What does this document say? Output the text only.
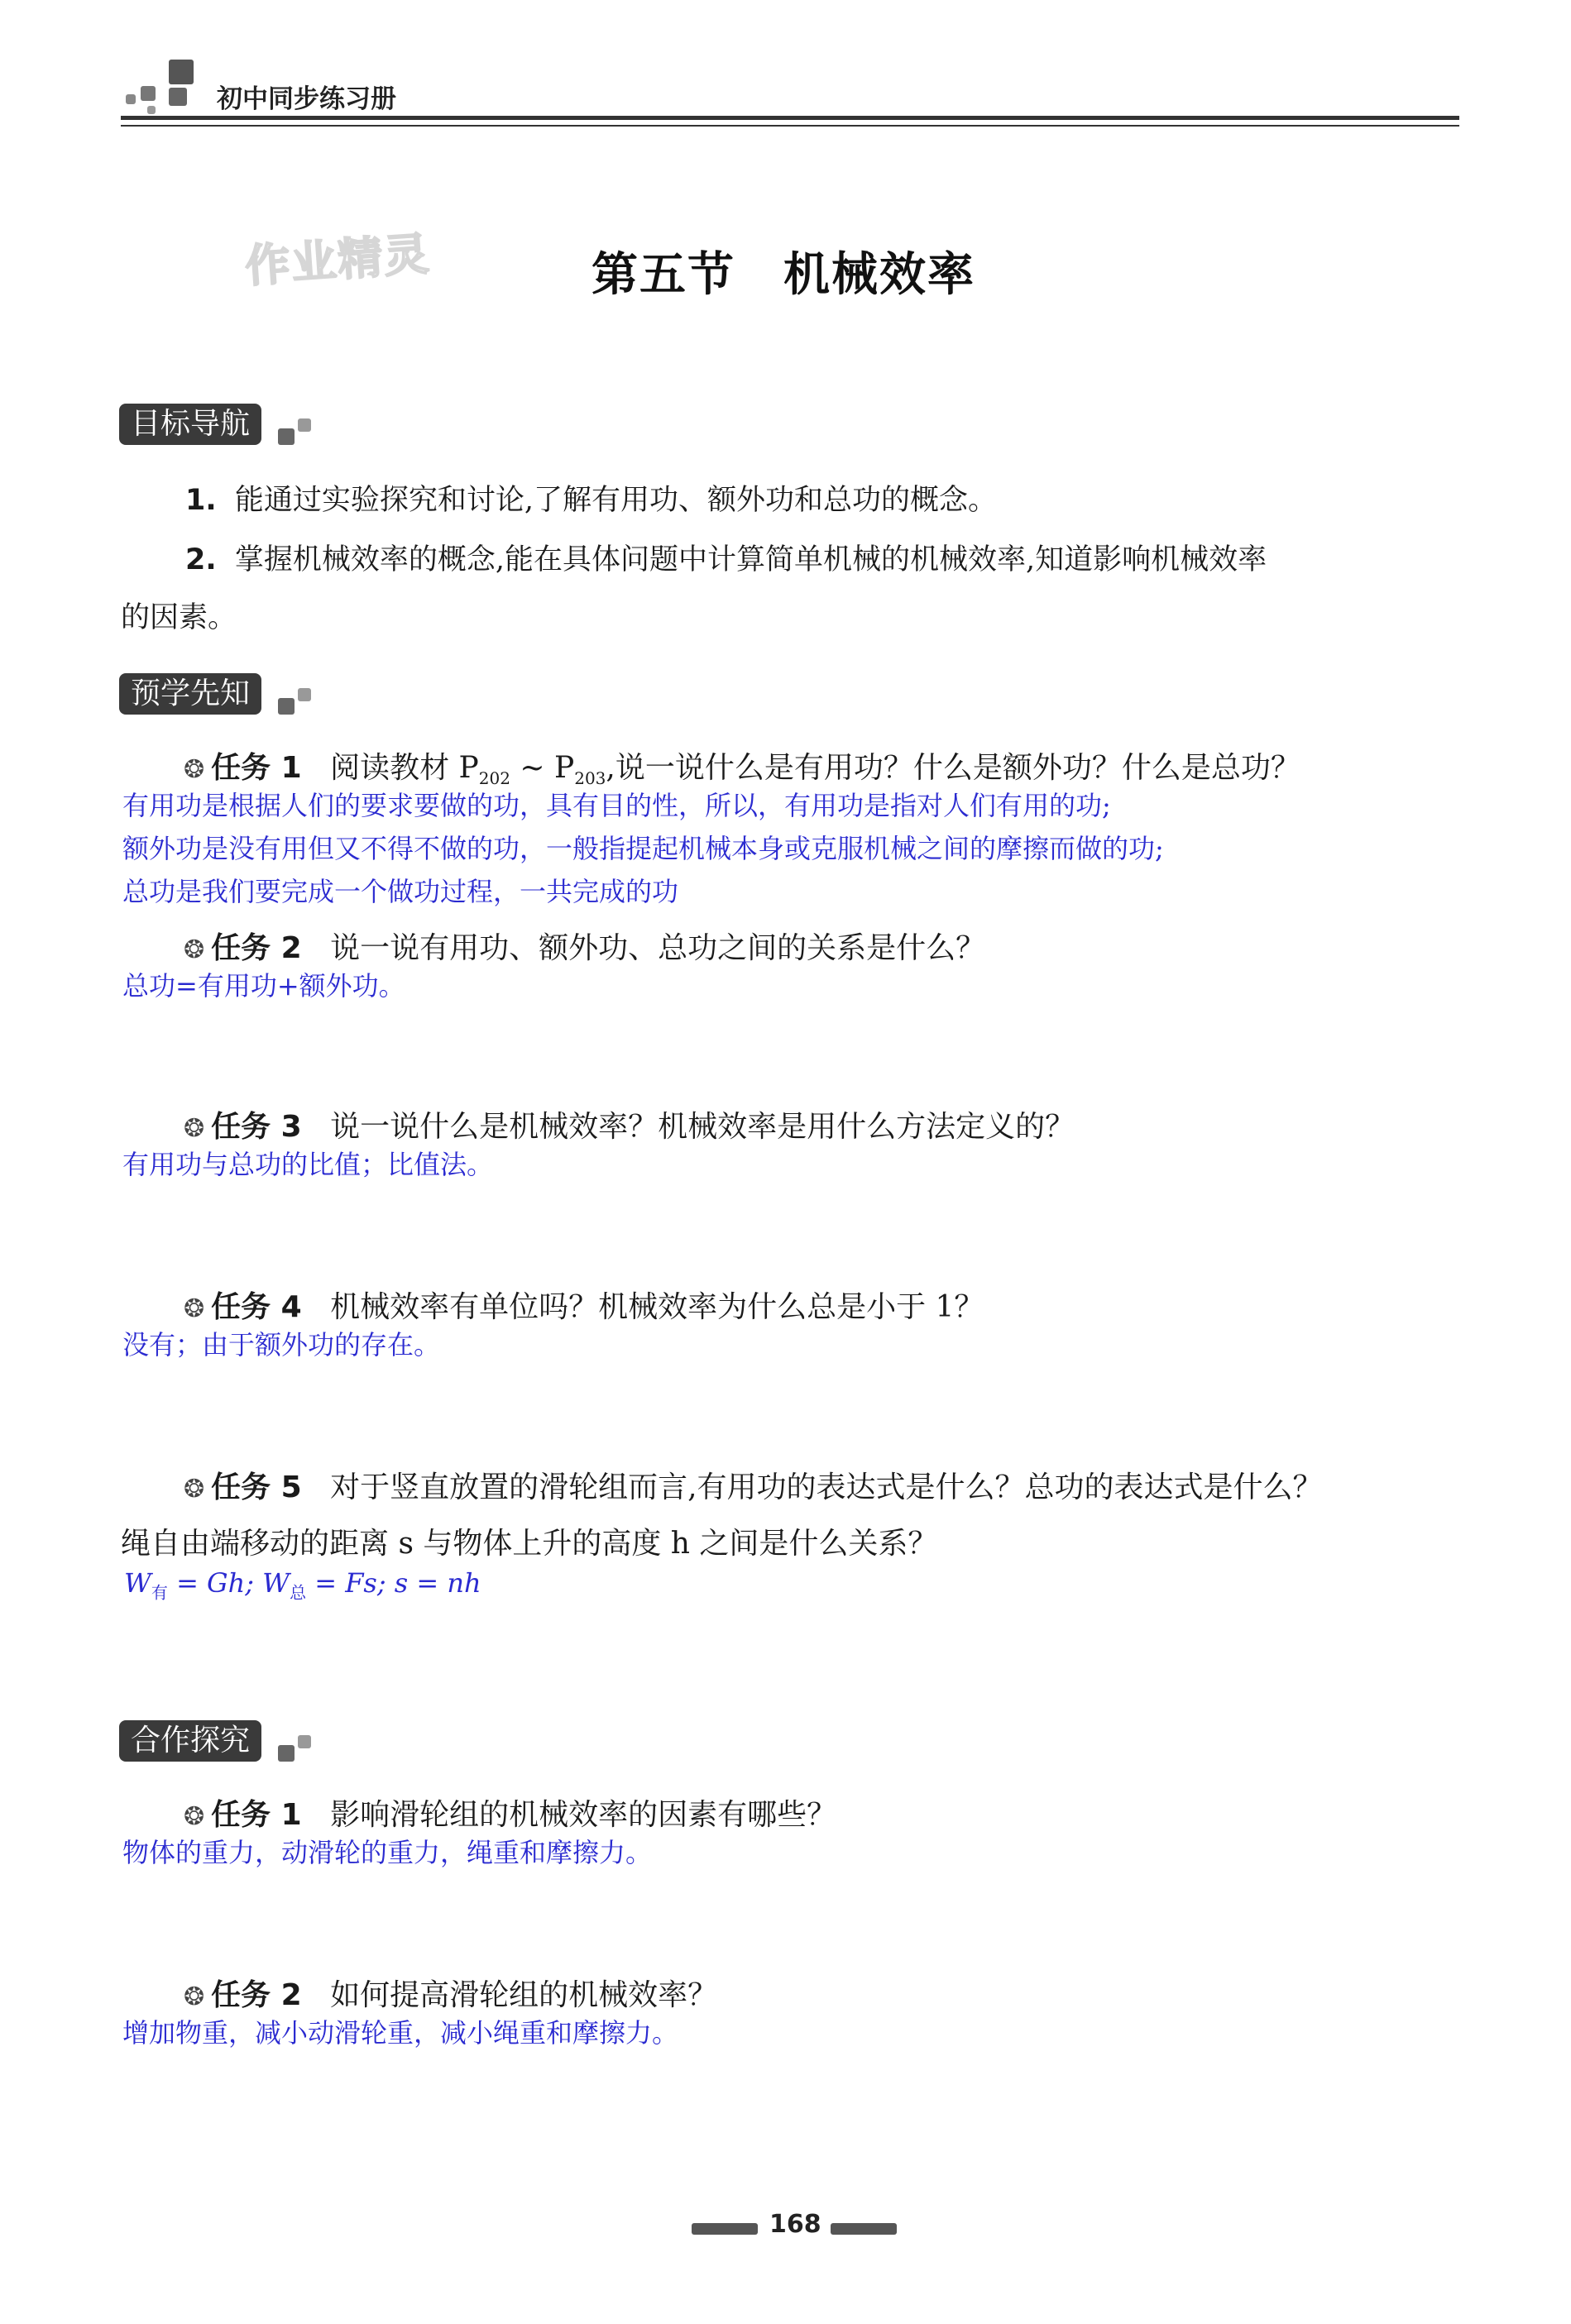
初中同步练习册
作业精灵	第五节　机械效率
目标导航
1. 能通过实验探究和讨论,了解有用功、额外功和总功的概念。
2. 掌握机械效率的概念,能在具体问题中计算简单机械的机械效率,知道影响机械效率
的因素。
预学先知
❂ 任务 1 阅读教材 $P_{202}$ ~ $P_{203}$,说一说什么是有用功？什么是额外功？什么是总功？
有用功是根据人们的要求要做的功，具有目的性，所以，有用功是指对人们有用的功;
额外功是没有用但又不得不做的功，一般指提起机械本身或克服机械之间的摩擦而做的功;
总功是我们要完成一个做功过程，一共完成的功
❂ 任务 2 说一说有用功、额外功、总功之间的关系是什么？
总功=有用功+额外功。
❂ 任务 3 说一说什么是机械效率？机械效率是用什么方法定义的？
有用功与总功的比值；比值法。
❂ 任务 4 机械效率有单位吗？机械效率为什么总是小于 1？
没有；由于额外功的存在。
❂ 任务 5 对于竖直放置的滑轮组而言,有用功的表达式是什么？总功的表达式是什么？
绳自由端移动的距离 s 与物体上升的高度 h 之间是什么关系？
$W_有 = Gh$; $W_总 = Fs$; s = nh
合作探究
❂ 任务 1 影响滑轮组的机械效率的因素有哪些？
物体的重力，动滑轮的重力，绳重和摩擦力。
❂ 任务 2 如何提高滑轮组的机械效率？
增加物重，减小动滑轮重，减小绳重和摩擦力。
168
